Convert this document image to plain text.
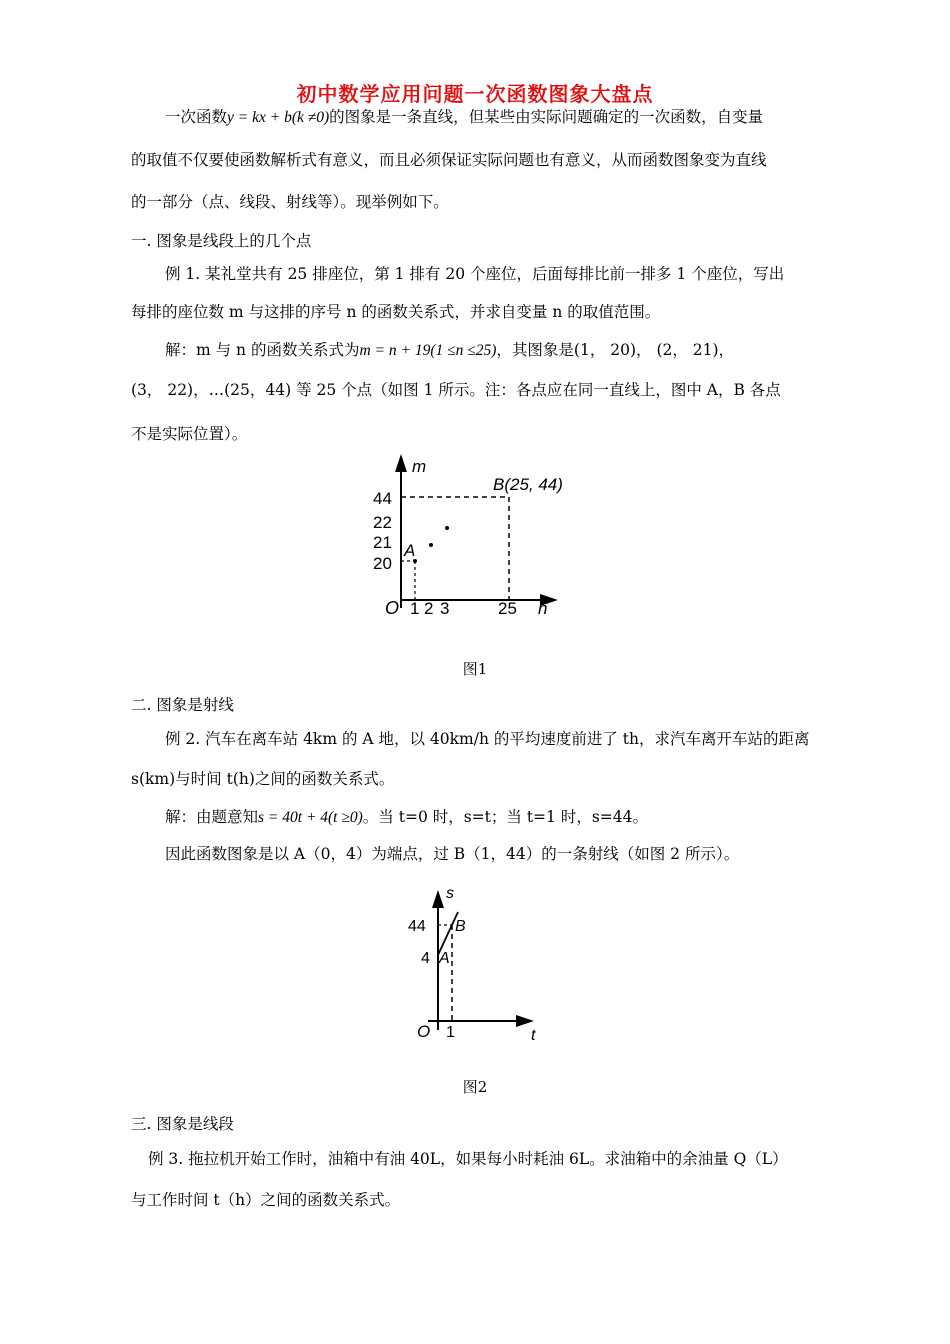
初中数学应用问题一次函数图象大盘点
一次函数y = kx + b(k ≠0)的图象是一条直线，但某些由实际问题确定的一次函数，自变量
的取值不仅要使函数解析式有意义，而且必须保证实际问题也有意义，从而函数图象变为直线
的一部分（点、线段、射线等）。现举例如下。
一. 图象是线段上的几个点
例 1. 某礼堂共有 25 排座位，第 1 排有 20 个座位，后面每排比前一排多 1 个座位，写出
每排的座位数 m 与这排的序号 n 的函数关系式，并求自变量 n 的取值范围。
解：m 与 n 的函数关系式为m = n + 19(1 ≤n ≤25)，其图象是(1， 20)， (2， 21)，
(3， 22)，…(25，44) 等 25 个点（如图 1 所示。注：各点应在同一直线上，图中 A，B 各点
不是实际位置）。
m
n
O
44
22
21
20
1 2 3	25
A
B(25, 44)
图1
二. 图象是射线
例 2. 汽车在离车站 4km 的 A 地，以 40km/h 的平均速度前进了 th，求汽车离开车站的距离
s(km)与时间 t(h)之间的函数关系式。
解：由题意知s = 40t + 4(t ≥0)。当 t=0 时，s=t；当 t=1 时，s=44。
因此函数图象是以 A（0，4）为端点，过 B（1，44）的一条射线（如图 2 所示）。
s
t
O
44
4
1
A
B
图2
三. 图象是线段
例 3. 拖拉机开始工作时，油箱中有油 40L，如果每小时耗油 6L。求油箱中的余油量 Q（L）
与工作时间 t（h）之间的函数关系式。
